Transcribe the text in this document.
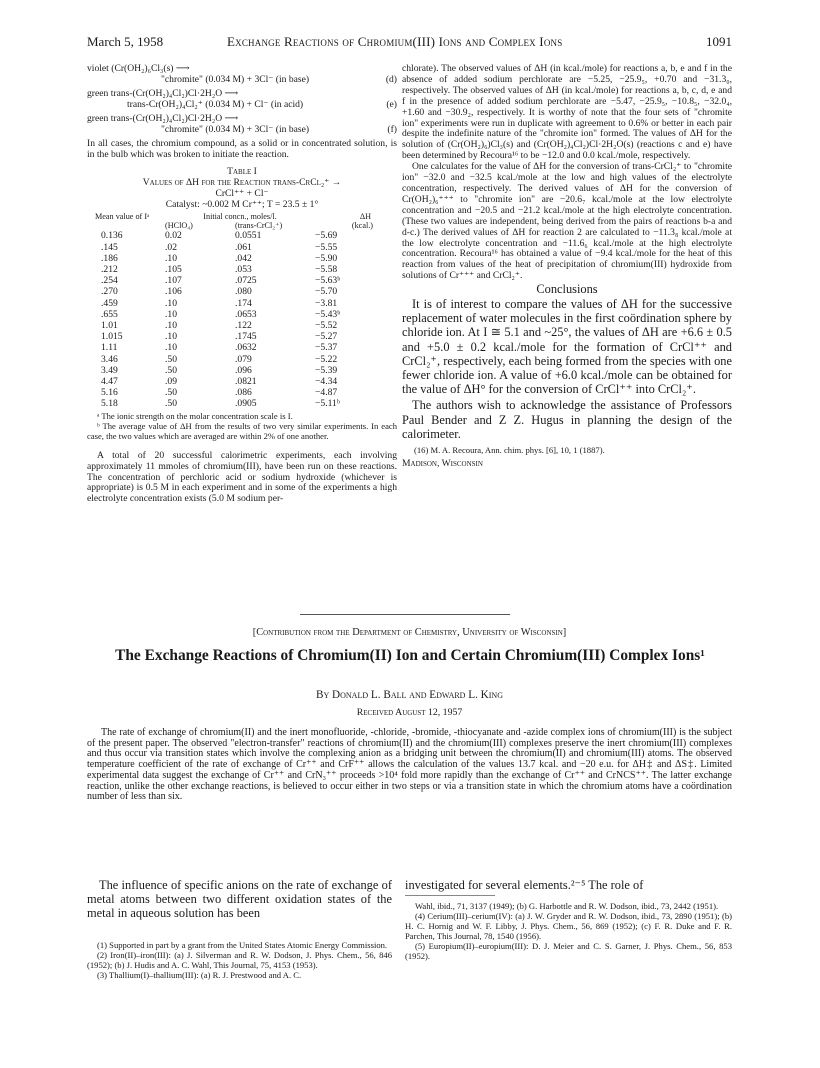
March 5, 1958	Exchange Reactions of Chromium(III) Ions and Complex Ions	1091
violet (Cr(OH₂)₆Cl₃(s) ⟶
"chromite" (0.034 M) + 3Cl⁻ (in base)	(d)
green trans-(Cr(OH₂)₄Cl₂)Cl·2H₂O ⟶
trans-Cr(OH₂)₄Cl₂⁺ (0.034 M) + Cl⁻ (in acid)	(e)
green trans-(Cr(OH₂)₄Cl₂)Cl·2H₂O ⟶
"chromite" (0.034 M) + 3Cl⁻ (in base)	(f)

In all cases, the chromium compound, as a solid or in concentrated solution, is in the bulb which was broken to initiate the reaction.

Table I
Values of ΔH for the Reaction trans-CrCl₂⁺ →
CrCl⁺⁺ + Cl⁻
Catalyst: ~0.002 M Cr⁺⁺; T = 23.5 ± 1°
Mean value of Iᵃ	Initial concn., moles/l.		ΔH
	(HClO₄)	(trans-CrCl₂⁺)	(kcal.)
0.136	0.02	0.0551	−5.69
.145	.02	.061	−5.55
.186	.10	.042	−5.90
.212	.105	.053	−5.58
.254	.107	.0725	−5.63ᵇ
.270	.106	.080	−5.70
.459	.10	.174	−3.81
.655	.10	.0653	−5.43ᵇ
1.01	.10	.122	−5.52
1.015	.10	.1745	−5.27
1.11	.10	.0632	−5.37
3.46	.50	.079	−5.22
3.49	.50	.096	−5.39
4.47	.09	.0821	−4.34
5.16	.50	.086	−4.87
5.18	.50	.0905	−5.11ᵇ
ᵃ The ionic strength on the molar concentration scale is I.
ᵇ The average value of ΔH from the results of two very similar experiments. In each case, the two values which are averaged are within 2% of one another.

A total of 20 successful calorimetric experiments, each involving approximately 11 mmoles of chromium(III), have been run on these reactions. The concentration of perchloric acid or sodium hydroxide (whichever is appropriate) is 0.5 M in each experiment and in some of the experiments a high electrolyte concentration exists (5.0 M sodium per-

chlorate). The observed values of ΔH (in kcal./mole) for reactions a, b, e and f in the absence of added sodium perchlorate are −5.25, −25.9₅, +0.70 and −31.3₀, respectively. The observed values of ΔH (in kcal./mole) for reactions a, b, c, d, e and f in the presence of added sodium perchlorate are −5.47, −25.9₅, −10.8₅, −32.0₄, +1.60 and −30.9₂, respectively. It is worthy of note that the four sets of "chromite ion" experiments were run in duplicate with agreement to 0.6% or better in each pair despite the indefinite nature of the "chromite ion" formed. The values of ΔH for the solution of (Cr(OH₂)₆)Cl₃(s) and (Cr(OH₂)₄Cl₂)Cl·2H₂O(s) (reactions c and e) have been determined by Recoura¹⁶ to be −12.0 and 0.0 kcal./mole, respectively.

One calculates for the value of ΔH for the conversion of trans-CrCl₂⁺ to "chromite ion" −32.0 and −32.5 kcal./mole at the low and high values of the electrolyte concentration, respectively. The derived values of ΔH for the conversion of Cr(OH₂)₆⁺⁺⁺ to "chromite ion" are −20.6₇ kcal./mole at the low electrolyte concentration and −20.5 and −21.2 kcal./mole at the high electrolyte concentration. (These two values are independent, being derived from the pairs of reactions b-a and d-c.) The derived values of ΔH for reaction 2 are calculated to −11.3₈ kcal./mole at the low electrolyte concentration and −11.6₆ kcal./mole at the high electrolyte concentration. Recoura¹⁶ has obtained a value of −9.4 kcal./mole for the heat of this reaction from values of the heat of precipitation of chromium(III) hydroxide from solutions of Cr⁺⁺⁺ and CrCl₂⁺.

Conclusions

It is of interest to compare the values of ΔH for the successive replacement of water molecules in the first coördination sphere by chloride ion. At I ≅ 5.1 and ~25°, the values of ΔH are +6.6 ± 0.5 and +5.0 ± 0.2 kcal./mole for the formation of CrCl⁺⁺ and CrCl₂⁺, respectively, each being formed from the species with one fewer chloride ion. A value of +6.0 kcal./mole can be obtained for the value of ΔH° for the conversion of CrCl⁺⁺ into CrCl₂⁺.

The authors wish to acknowledge the assistance of Professors Paul Bender and Z Z. Hugus in planning the design of the calorimeter.

(16) M. A. Recoura, Ann. chim. phys. [6], 10, 1 (1887).
Madison, Wisconsin
[Contribution from the Department of Chemistry, University of Wisconsin]
The Exchange Reactions of Chromium(II) Ion and Certain Chromium(III) Complex Ions¹
By Donald L. Ball and Edward L. King
Received August 12, 1957
The rate of exchange of chromium(II) and the inert monofluoride, -chloride, -bromide, -thiocyanate and -azide complex ions of chromium(III) is the subject of the present paper. The observed "electron-transfer" reactions of chromium(II) and the chromium(III) complexes preserve the inert chromium(III) complexes and thus occur via transition states which involve the complexing anion as a bridging unit between the chromium(II) and chromium(III) atoms. The observed temperature coefficient of the rate of exchange of Cr⁺⁺ and CrF⁺⁺ allows the calculation of the values 13.7 kcal. and −20 e.u. for ΔH‡ and ΔS‡. Limited experimental data suggest the exchange of Cr⁺⁺ and CrN₃⁺⁺ proceeds >10⁴ fold more rapidly than the exchange of Cr⁺⁺ and CrNCS⁺⁺. The latter exchange reaction, unlike the other exchange reactions, is believed to occur either in two steps or via a transition state in which the chromium atoms have a coördination number of less than six.
The influence of specific anions on the rate of exchange of metal atoms between two different oxidation states of the metal in aqueous solution has been
investigated for several elements.²⁻⁵ The role of
(1) Supported in part by a grant from the United States Atomic Energy Commission.
(2) Iron(II)–iron(III): (a) J. Silverman and R. W. Dodson, J. Phys. Chem., 56, 846 (1952); (b) J. Hudis and A. C. Wahl, This Journal, 75, 4153 (1953).
(3) Thallium(I)–thallium(III): (a) R. J. Prestwood and A. C.
Wahl, ibid., 71, 3137 (1949); (b) G. Harbottle and R. W. Dodson, ibid., 73, 2442 (1951).
(4) Cerium(III)–cerium(IV): (a) J. W. Gryder and R. W. Dodson, ibid., 73, 2890 (1951); (b) H. C. Hornig and W. F. Libby, J. Phys. Chem., 56, 869 (1952); (c) F. R. Duke and F. R. Parchen, This Journal, 78, 1540 (1956).
(5) Europium(II)–europium(III): D. J. Meier and C. S. Garner, J. Phys. Chem., 56, 853 (1952).
